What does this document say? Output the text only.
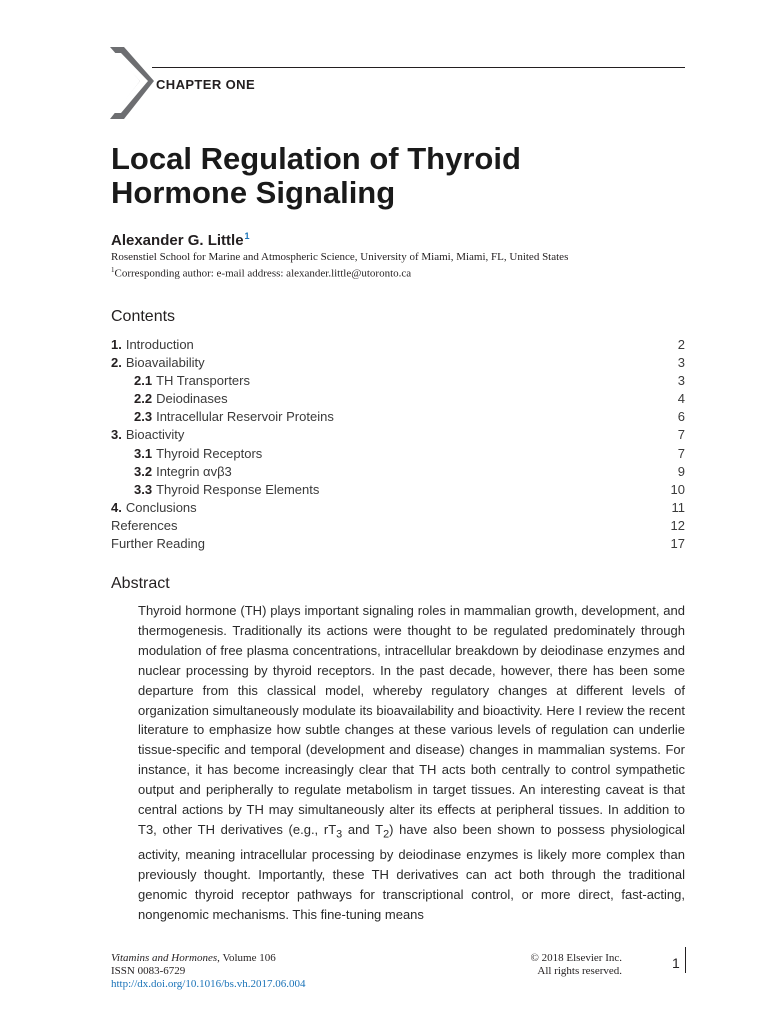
CHAPTER ONE
Local Regulation of Thyroid
Hormone Signaling
Alexander G. Little$^1$
Rosenstiel School for Marine and Atmospheric Science, University of Miami, Miami, FL, United States
$^1$Corresponding author: e-mail address: alexander.little@utoronto.ca
Contents
1. Introduction	2
2. Bioavailability	3
2.1 TH Transporters	3
2.2 Deiodinases	4
2.3 Intracellular Reservoir Proteins	6
3. Bioactivity	7
3.1 Thyroid Receptors	7
3.2 Integrin αvβ3	9
3.3 Thyroid Response Elements	10
4. Conclusions	11
References	12
Further Reading	17
Abstract

Thyroid hormone (TH) plays important signaling roles in mammalian growth, development, and thermogenesis. Traditionally its actions were thought to be regulated predominately through modulation of free plasma concentrations, intracellular breakdown by deiodinase enzymes and nuclear processing by thyroid receptors. In the past decade, however, there has been some departure from this classical model, whereby regulatory changes at different levels of organization simultaneously modulate its bioavailability and bioactivity. Here I review the recent literature to emphasize how subtle changes at these various levels of regulation can underlie tissue-specific and temporal (development and disease) changes in mammalian systems. For instance, it has become increasingly clear that TH acts both centrally to control sympathetic output and peripherally to regulate metabolism in target tissues. An interesting caveat is that central actions by TH may simultaneously alter its effects at peripheral tissues. In addition to T3, other TH derivatives (e.g., $rT_3$ and $T_2$) have also been shown to possess physiological activity, meaning intracellular processing by deiodinase enzymes is likely more complex than previously thought. Importantly, these TH derivatives can act both through the traditional genomic thyroid receptor pathways for transcriptional control, or more direct, fast-acting, nongenomic mechanisms. This fine-tuning means

Vitamins and Hormones, Volume 106
ISSN 0083-6729
http://dx.doi.org/10.1016/bs.vh.2017.06.004
© 2018 Elsevier Inc.
All rights reserved.	1
